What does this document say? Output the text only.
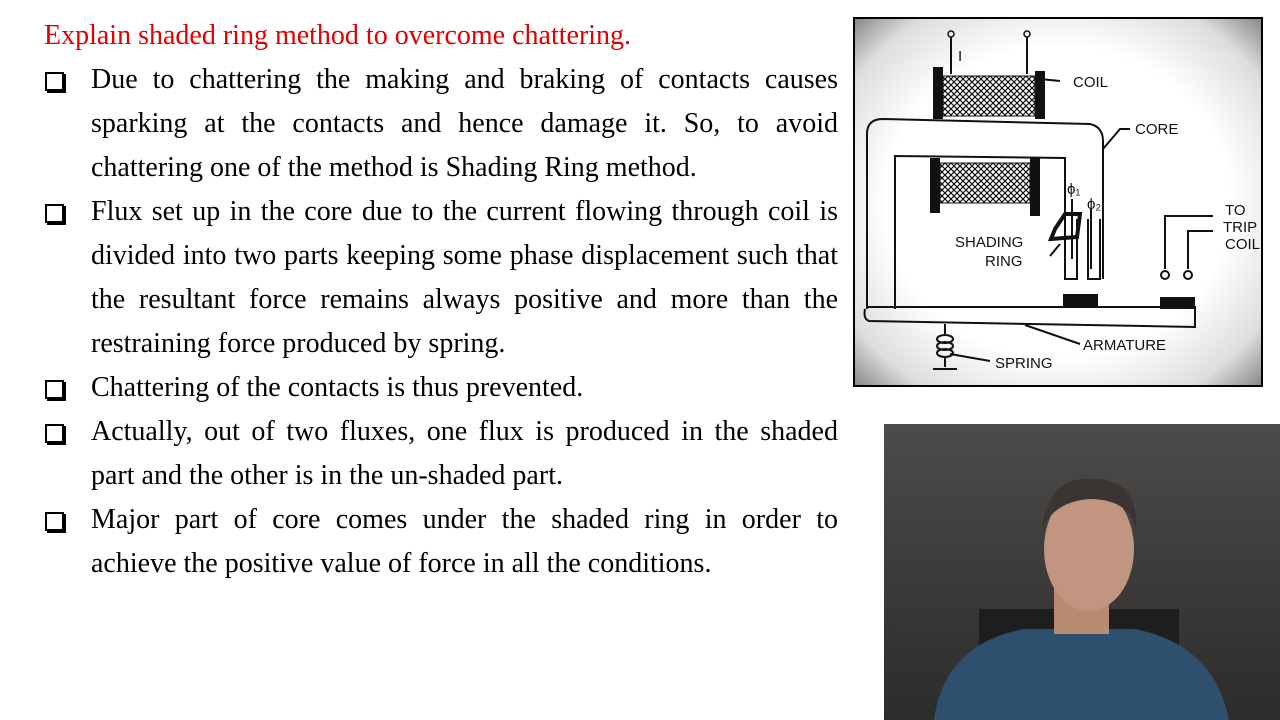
Explain shaded ring method to overcome chattering.
Due to chattering the making and braking of contacts causes sparking at the contacts and hence damage it. So, to avoid chattering one of the method is Shading Ring method.
Flux set up in the core due to the current flowing through coil is divided into two parts keeping some phase displacement such that the resultant force remains always positive and more than the restraining force produced by spring.
Chattering of the contacts is thus prevented.
Actually, out of two fluxes, one flux is produced in the shaded part and the other is in the un-shaded part.
Major part of core comes under the shaded ring in order to achieve the positive value of force in all the conditions.
I
ϕ₁
ϕ₂
COIL
CORE
TO
TRIP
COIL
SHADING
RING
ARMATURE
SPRING
